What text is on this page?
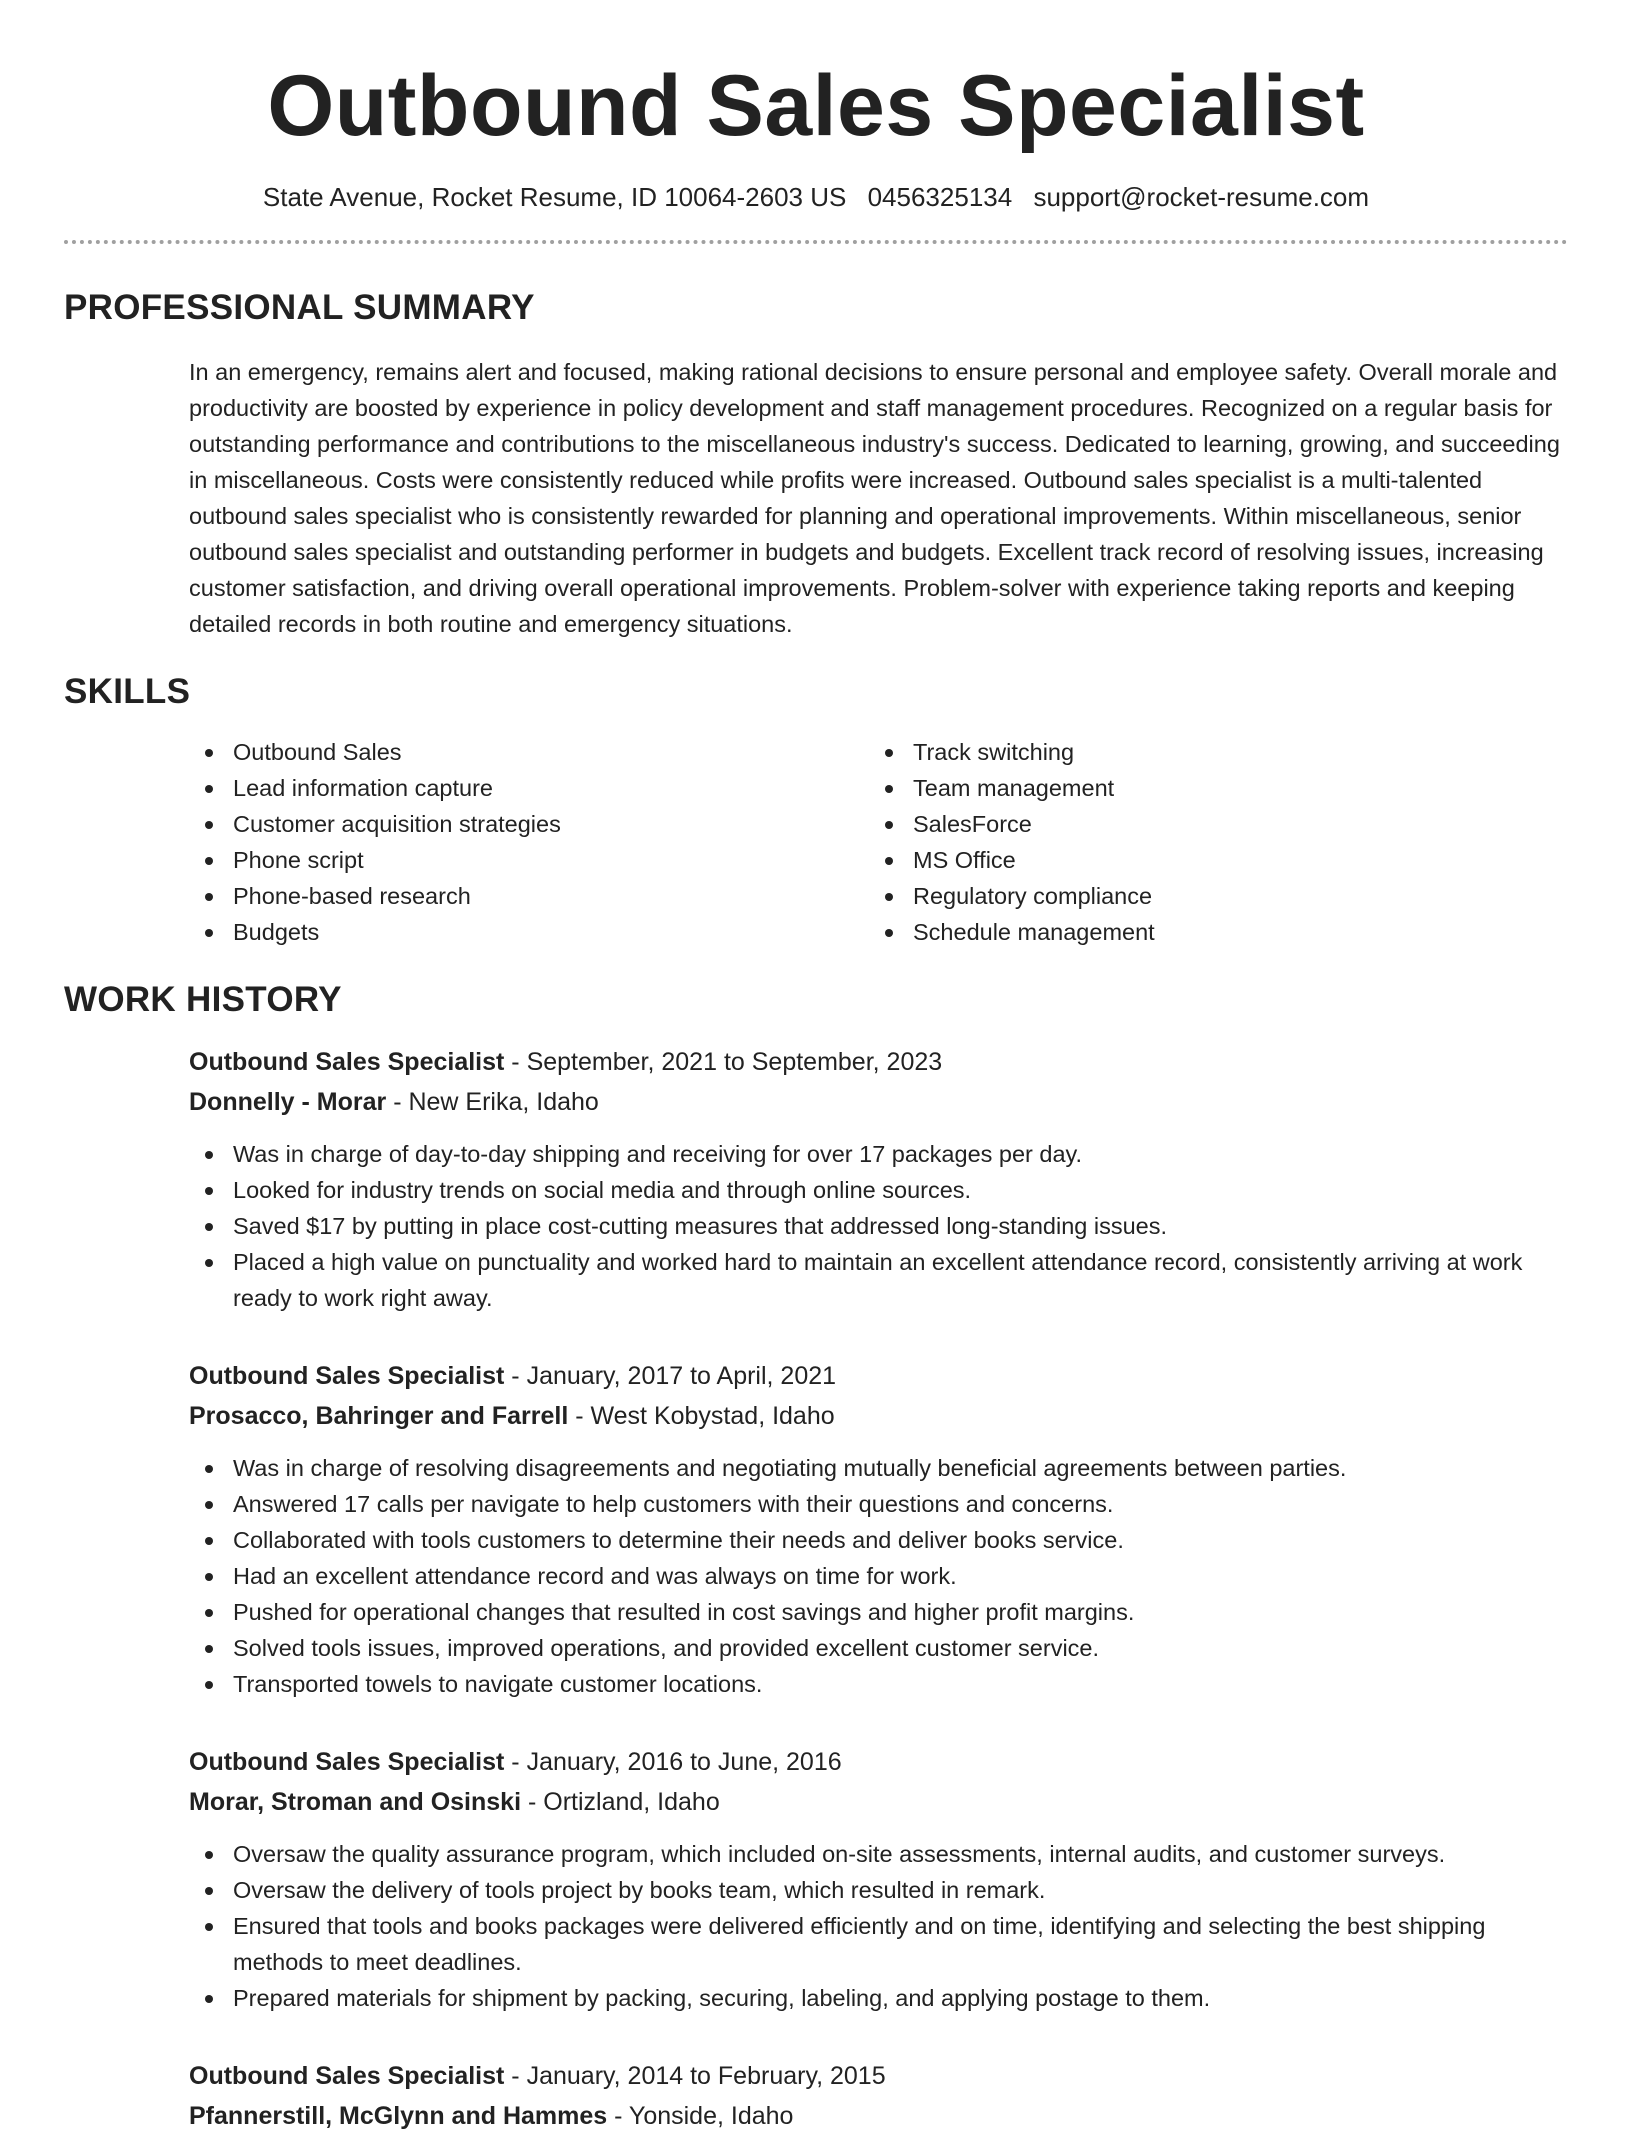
Outbound Sales Specialist
State Avenue, Rocket Resume, ID 10064-2603 US 0456325134 support@rocket-resume.com
PROFESSIONAL SUMMARY

In an emergency, remains alert and focused, making rational decisions to ensure personal and employee safety. Overall morale and productivity are boosted by experience in policy development and staff management procedures. Recognized on a regular basis for outstanding performance and contributions to the miscellaneous industry's success. Dedicated to learning, growing, and succeeding in miscellaneous. Costs were consistently reduced while profits were increased. Outbound sales specialist is a multi-talented outbound sales specialist who is consistently rewarded for planning and operational improvements. Within miscellaneous, senior outbound sales specialist and outstanding performer in budgets and budgets. Excellent track record of resolving issues, increasing customer satisfaction, and driving overall operational improvements. Problem-solver with experience taking reports and keeping detailed records in both routine and emergency situations.

SKILLS
Outbound Sales
Lead information capture
Customer acquisition strategies
Phone script
Phone-based research
Budgets
Track switching
Team management
SalesForce
MS Office
Regulatory compliance
Schedule management
WORK HISTORY
Outbound Sales Specialist - September, 2021 to September, 2023
Donnelly - Morar - New Erika, Idaho
Was in charge of day-to-day shipping and receiving for over 17 packages per day.
Looked for industry trends on social media and through online sources.
Saved $17 by putting in place cost-cutting measures that addressed long-standing issues.
Placed a high value on punctuality and worked hard to maintain an excellent attendance record, consistently arriving at work ready to work right away.
Outbound Sales Specialist - January, 2017 to April, 2021
Prosacco, Bahringer and Farrell - West Kobystad, Idaho
Was in charge of resolving disagreements and negotiating mutually beneficial agreements between parties.
Answered 17 calls per navigate to help customers with their questions and concerns.
Collaborated with tools customers to determine their needs and deliver books service.
Had an excellent attendance record and was always on time for work.
Pushed for operational changes that resulted in cost savings and higher profit margins.
Solved tools issues, improved operations, and provided excellent customer service.
Transported towels to navigate customer locations.
Outbound Sales Specialist - January, 2016 to June, 2016
Morar, Stroman and Osinski - Ortizland, Idaho
Oversaw the quality assurance program, which included on-site assessments, internal audits, and customer surveys.
Oversaw the delivery of tools project by books team, which resulted in remark.
Ensured that tools and books packages were delivered efficiently and on time, identifying and selecting the best shipping methods to meet deadlines.
Prepared materials for shipment by packing, securing, labeling, and applying postage to them.
Outbound Sales Specialist - January, 2014 to February, 2015
Pfannerstill, McGlynn and Hammes - Yonside, Idaho
